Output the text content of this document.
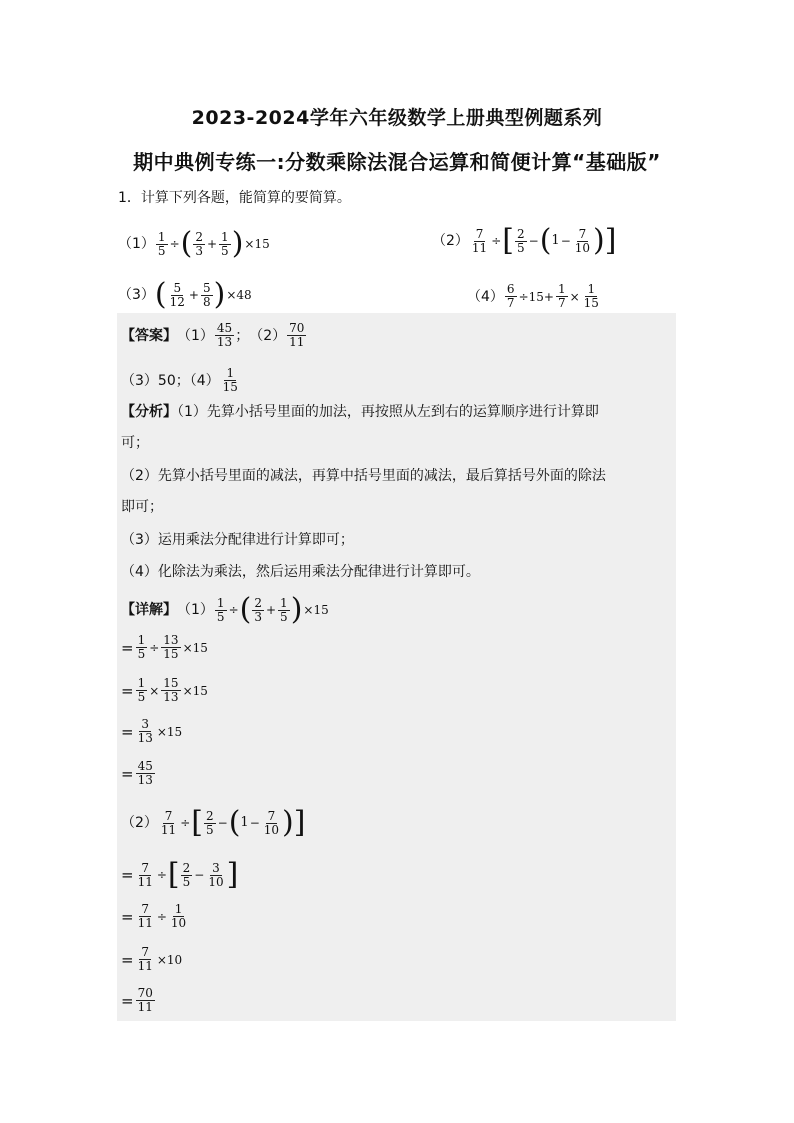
2023-2024学年六年级数学上册典型例题系列
期中典例专练一:分数乘除法混合运算和简便计算“基础版”
1．计算下列各题，能简算的要简算。
$(1) \frac{1}{5}$ ÷ ( $\frac{2}{3} + \frac{1}{5}$ ) ×15	$(2) \frac{7}{11}$ ÷ [ $\frac{2}{5}$ − ( $1 - \frac{7}{10}$ ) ]
（3） ( $\frac{5}{12} + \frac{5}{8}$ ) ×48	$(4) \frac{6}{7} \div 15+ \frac{1}{7} \times \frac{1}{15}$
【答案】 $(1) \frac{45}{13}$ ； $(2) \frac{70}{11}$
（3）50；$(4) \frac{1}{15}$
【分析】（1）先算小括号里面的加法，再按照从左到右的运算顺序进行计算即
可；
（2）先算小括号里面的减法，再算中括号里面的减法，最后算括号外面的除法
即可；
（3）运用乘法分配律进行计算即可；
（4）化除法为乘法，然后运用乘法分配律进行计算即可。
【详解】 $(1) \frac{1}{5}$ ÷ ( $\frac{2}{3} + \frac{1}{5}$ ) ×15
= $\frac{1}{5} \div \frac{13}{15} \times 15$
= $\frac{1}{5} \times \frac{15}{13} \times 15$
= $\frac{3}{13} \times 15$
= $\frac{45}{13}$
$(2) \frac{7}{11}$ ÷ [ $\frac{2}{5}$ − ( $1 - \frac{7}{10}$ ) ]
= $\frac{7}{11}$ ÷ [ $\frac{2}{5} - \frac{3}{10}$ ]
= $\frac{7}{11} \div \frac{1}{10}$
= $\frac{7}{11} \times 10$
= $\frac{70}{11}$
